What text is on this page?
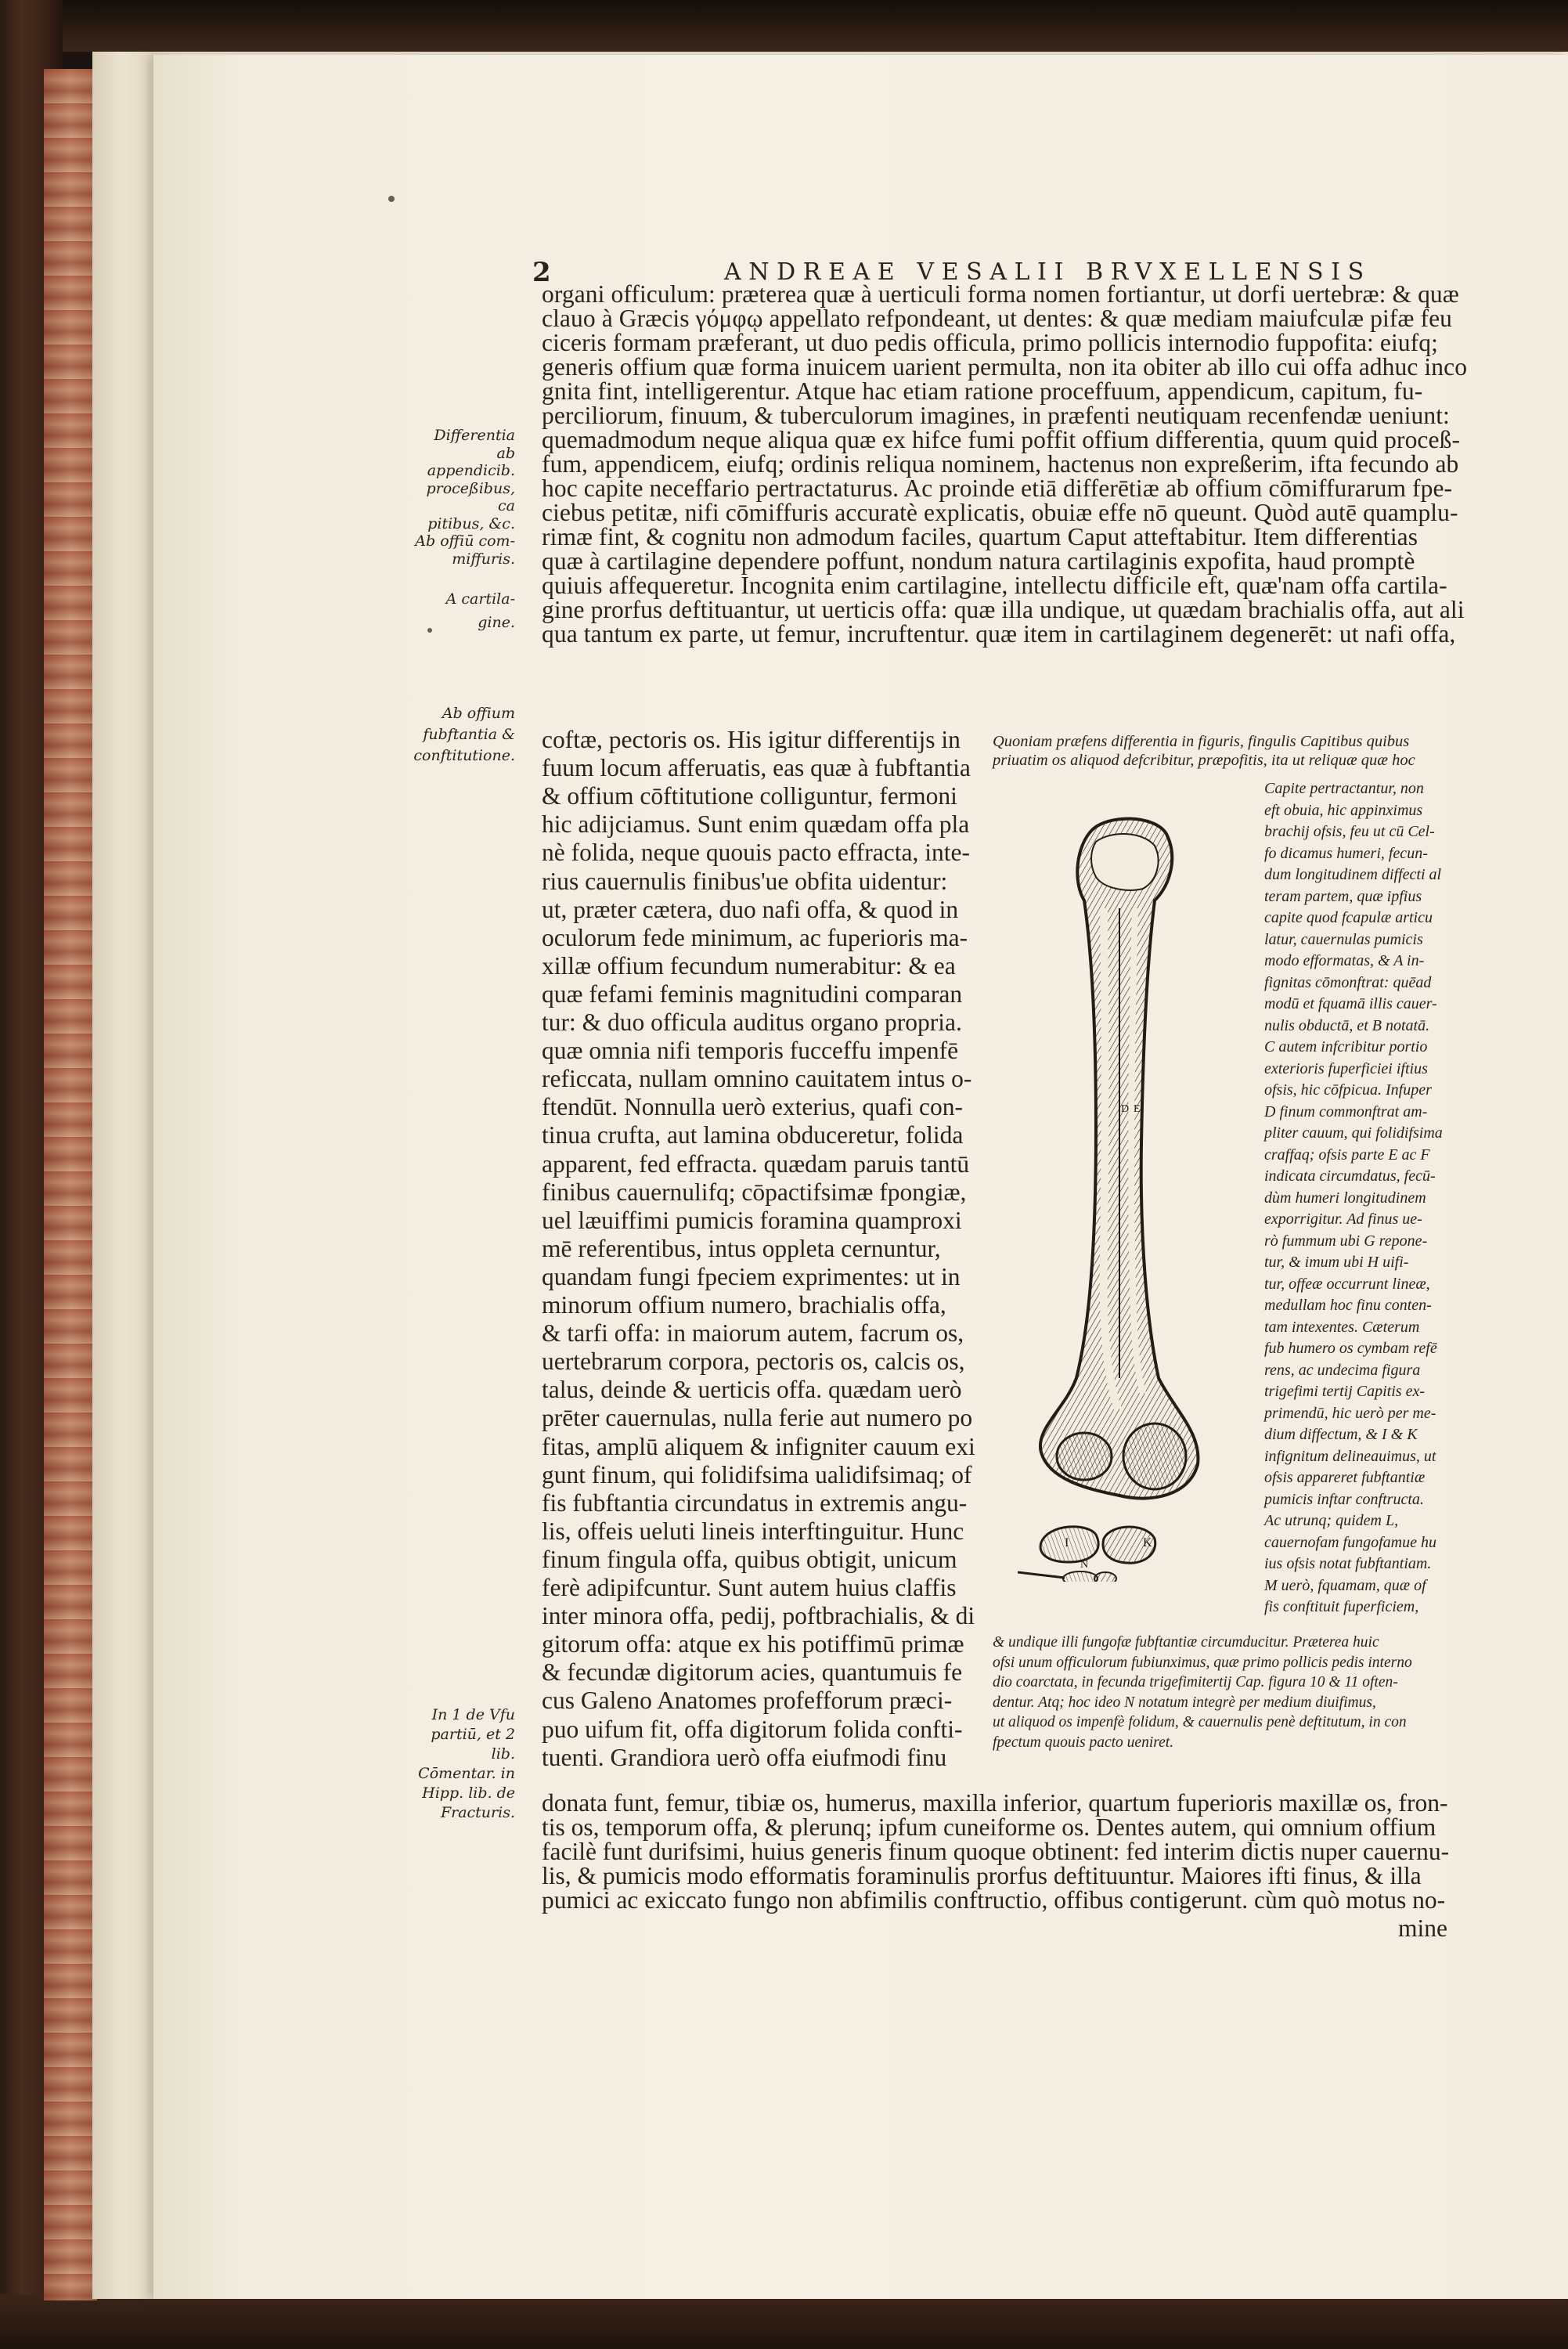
2	ANDREAE VESALII BRVXELLENSIS
Differentia
ab appendicib.
proceßibus, ca
pitibus, &c.
Ab offiū com-
miffuris.
A cartila-
gine.
Ab offium
fubftantia &
conftitutione.
In 1 de Vfu
partiū, et 2 lib.
Cōmentar. in
Hipp. lib. de
Fracturis.
organi officulum: præterea quæ à uerticuli forma nomen fortiantur, ut dorfi uertebræ: & quæ
clauo à Græcis γόμφῳ appellato refpondeant, ut dentes: & quæ mediam maiufculæ pifæ feu
ciceris formam præferant, ut duo pedis officula, primo pollicis internodio fuppofita: eiufq;
generis offium quæ forma inuicem uarient permulta, non ita obiter ab illo cui offa adhuc inco
gnita fint, intelligerentur. Atque hac etiam ratione proceffuum, appendicum, capitum, fu-
perciliorum, finuum, & tuberculorum imagines, in præfenti neutiquam recenfendæ ueniunt:
quemadmodum neque aliqua quæ ex hifce fumi poffit offium differentia, quum quid proceß-
fum, appendicem, eiufq; ordinis reliqua nominem, hactenus non expreßerim, ifta fecundo ab
hoc capite neceffario pertractaturus. Ac proinde etiā differētiæ ab offium cōmiffurarum fpe-
ciebus petitæ, nifi cōmiffuris accuratè explicatis, obuiæ effe nō queunt. Quòd autē quamplu-
rimæ fint, & cognitu non admodum faciles, quartum Caput atteftabitur. Item differentias
quæ à cartilagine dependere poffunt, nondum natura cartilaginis expofita, haud promptè
quiuis affequeretur. Incognita enim cartilagine, intellectu difficile eft, quæ'nam offa cartila-
gine prorfus deftituantur, ut uerticis offa: quæ illa undique, ut quædam brachialis offa, aut ali
qua tantum ex parte, ut femur, incruftentur. quæ item in cartilaginem degenerēt: ut nafi offa,
coftæ, pectoris os. His igitur differentijs in
fuum locum afferuatis, eas quæ à fubftantia
& offium cōftitutione colliguntur, fermoni
hic adijciamus. Sunt enim quædam offa pla
nè folida, neque quouis pacto effracta, inte-
rius cauernulis finibus'ue obfita uidentur:
ut, præter cætera, duo nafi offa, & quod in
oculorum fede minimum, ac fuperioris ma-
xillæ offium fecundum numerabitur: & ea
quæ fefami feminis magnitudini comparan
tur: & duo officula auditus organo propria.
quæ omnia nifi temporis fucceffu impenfē
reficcata, nullam omnino cauitatem intus o-
ftendūt. Nonnulla uerò exterius, quafi con-
tinua crufta, aut lamina obduceretur, folida
apparent, fed effracta. quædam paruis tantū
finibus cauernulifq; cōpactifsimæ fpongiæ,
uel læuiffimi pumicis foramina quamproxi
mē referentibus, intus oppleta cernuntur,
quandam fungi fpeciem exprimentes: ut in
minorum offium numero, brachialis offa,
& tarfi offa: in maiorum autem, facrum os,
uertebrarum corpora, pectoris os, calcis os,
talus, deinde & uerticis offa. quædam uerò
prēter cauernulas, nulla ferie aut numero po
fitas, amplū aliquem & infigniter cauum exi
gunt finum, qui folidifsima ualidifsimaq; of
fis fubftantia circundatus in extremis angu-
lis, offeis ueluti lineis interftinguitur. Hunc
finum fingula offa, quibus obtigit, unicum
ferè adipifcuntur. Sunt autem huius claffis
inter minora offa, pedij, poftbrachialis, & di
gitorum offa: atque ex his potiffimū primæ
& fecundæ digitorum acies, quantumuis fe
cus Galeno Anatomes profefforum præci-
puo uifum fit, offa digitorum folida confti-
tuenti. Grandiora uerò offa eiufmodi finu
donata funt, femur, tibiæ os, humerus, maxilla inferior, quartum fuperioris maxillæ os, fron-
tis os, temporum offa, & plerunq; ipfum cuneiforme os. Dentes autem, qui omnium offium
facilè funt durifsimi, huius generis finum quoque obtinent: fed interim dictis nuper cauernu-
lis, & pumicis modo efformatis foraminulis prorfus deftituuntur. Maiores ifti finus, & illa
pumici ac exiccato fungo non abfimilis conftructio, offibus contigerunt. cùm quò motus no-
mine
Quoniam præfens differentia in figuris, fingulis Capitibus quibus
priuatim os aliquod defcribitur, præpofitis, ita ut reliquæ quæ hoc
Capite pertractantur, non
eft obuia, hic appinximus
brachij ofsis, feu ut cū Cel-
fo dicamus humeri, fecun-
dum longitudinem diffecti al
teram partem, quæ ipfius
capite quod fcapulæ articu
latur, cauernulas pumicis
modo efformatas, & A in-
fignitas cōmonftrat: quēad
modū et fquamā illis cauer-
nulis obductā, et B notatā.
C autem infcribitur portio
exterioris fuperficiei iftius
ofsis, hic cōfpicua. Infuper
D finum commonftrat am-
pliter cauum, qui folidifsima
craffaq; ofsis parte E ac F
indicata circumdatus, fecū-
dùm humeri longitudinem
exporrigitur. Ad finus ue-
rò fummum ubi G repone-
tur, & imum ubi H uifi-
tur, offeæ occurrunt lineæ,
medullam hoc finu conten-
tam intexentes. Cæterum
fub humero os cymbam refē
rens, ac undecima figura
trigefimi tertij Capitis ex-
primendū, hic uerò per me-
dium diffectum, & I & K
infignitum delineauimus, ut
ofsis appareret fubftantiæ
pumicis inftar conftructa.
Ac utrunq; quidem L,
cauernofam fungofamue hu
ius ofsis notat fubftantiam.
M uerò, fquamam, quæ of
fis conftituit fuperficiem,
& undique illi fungofæ fubftantiæ circumducitur. Præterea huic
ofsi unum officulorum fubiunximus, quæ primo pollicis pedis interno
dio coarctata, in fecunda trigefimitertij Cap. figura 10 & 11 often-
dentur. Atq; hoc ideo N notatum integrè per medium diuifimus,
ut aliquod os impenfè folidum, & cauernulis penè deftitutum, in con
fpectum quouis pacto ueniret.
E
D
K
I
N
